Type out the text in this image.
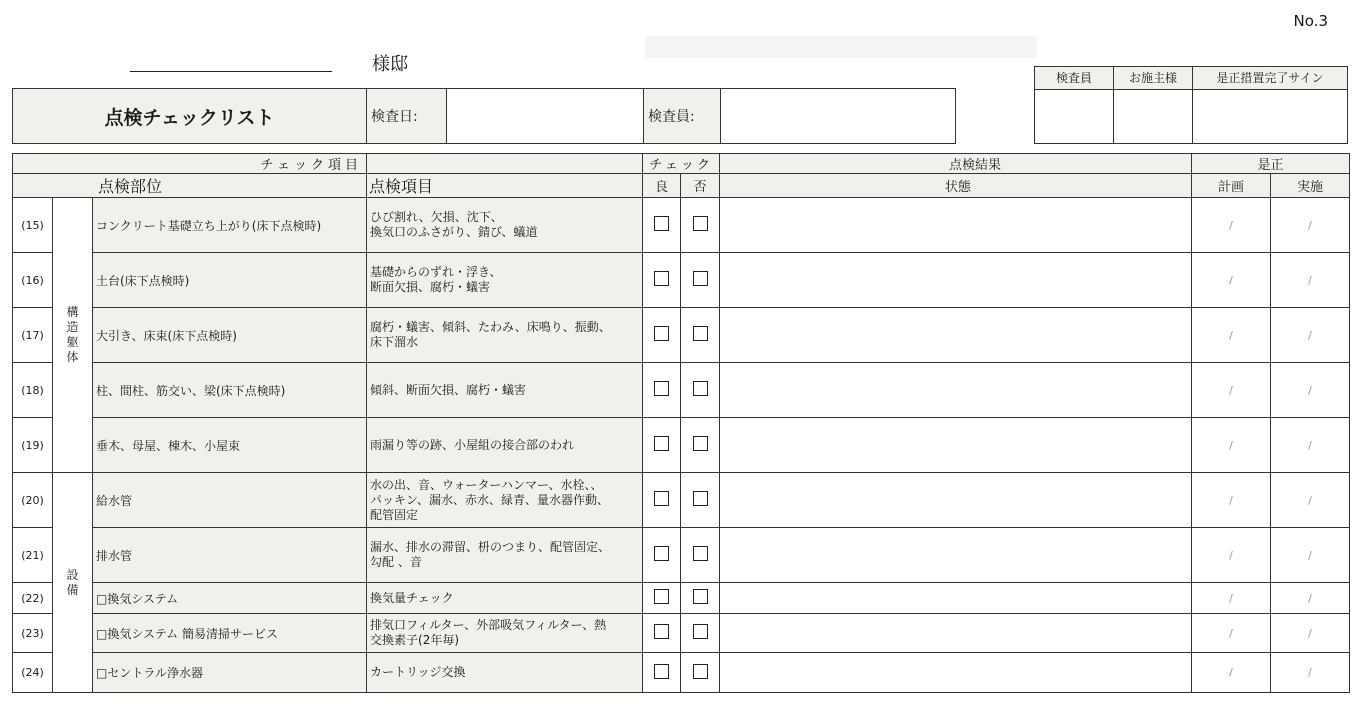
No.3
様邸
点検チェックリスト	検査日:		検査員:	
検査員	お施主様	是正措置完了サイン

チェック項目				チェック		点検結果	是正	
点検部位			点検項目	良	否	状態	計画	実施
(15)	構
造
躯
体	コンクリート基礎立ち上がり(床下点検時)	ひび割れ、欠損、沈下、
換気口のふさがり、錆び、蟻道				/	/
(16)		土台(床下点検時)	基礎からのずれ・浮き、
断面欠損、腐朽・蟻害				/	/
(17)		大引き、床束(床下点検時)	腐朽・蟻害、傾斜、たわみ、床鳴り、振動、
床下溜水				/	/
(18)		柱、間柱、筋交い、梁(床下点検時)	傾斜、断面欠損、腐朽・蟻害				/	/
(19)		垂木、母屋、棟木、小屋束	雨漏り等の跡、小屋組の接合部のわれ				/	/
(20)	設
備	給水管	水の出、音、ウォーターハンマー、水栓、、
パッキン、漏水、赤水、緑青、量水器作動、
配管固定				/	/
(21)		排水管	漏水、排水の滞留、枡のつまり、配管固定、
勾配 、音				/	/
(22)		□換気システム	換気量チェック				/	/
(23)		□換気システム 簡易清掃サービス	排気口フィルター、外部吸気フィルター、熱
交換素子(2年毎)				/	/
(24)		□セントラル浄水器	カートリッジ交換				/	/
